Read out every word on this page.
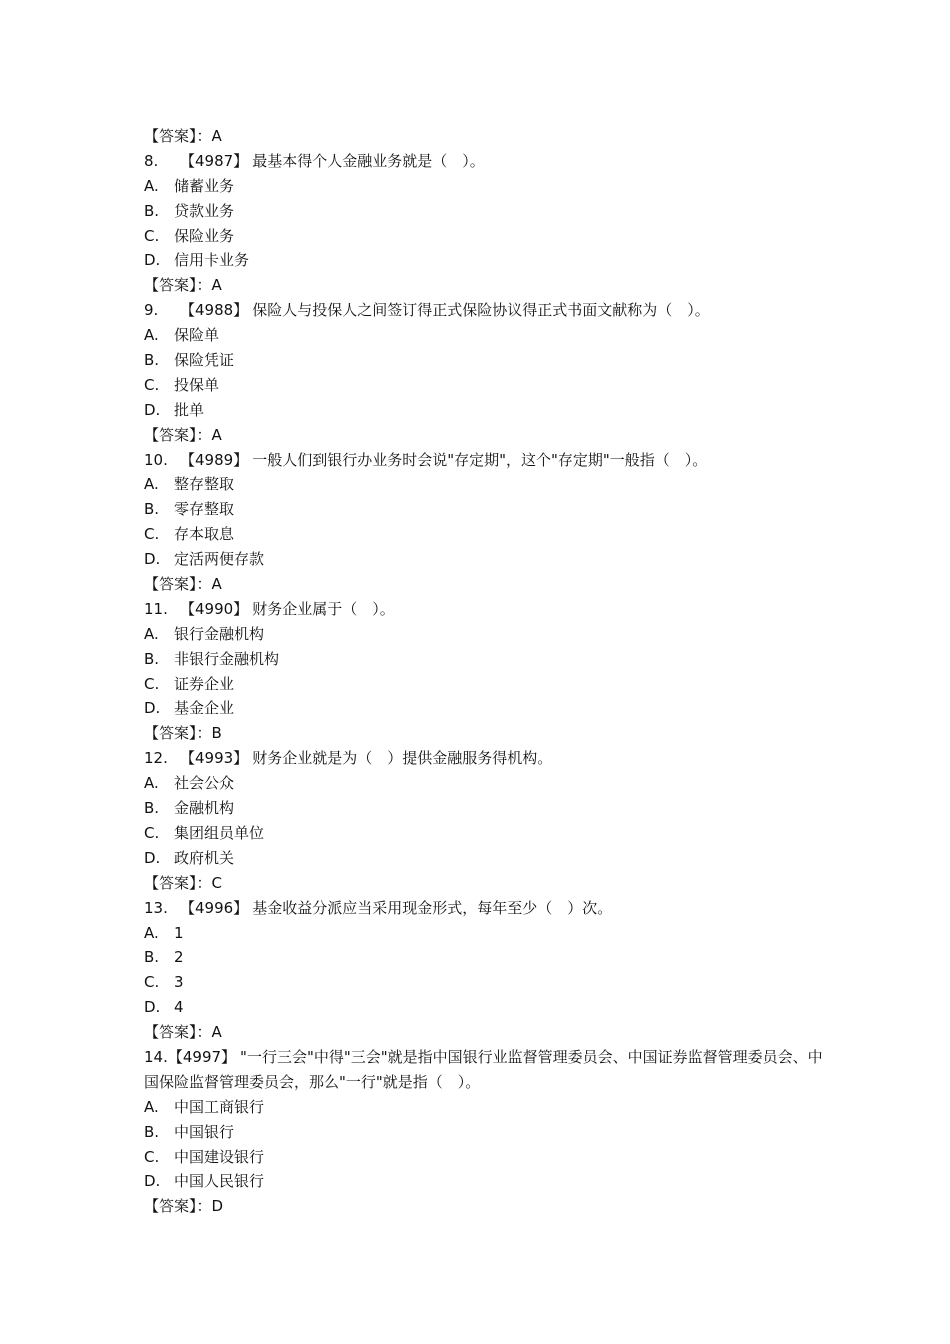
【答案】：A
8. 【4987】 最基本得个人金融业务就是（　）。
A. 储蓄业务
B. 贷款业务
C. 保险业务
D. 信用卡业务
【答案】：A
9. 【4988】 保险人与投保人之间签订得正式保险协议得正式书面文献称为（　）。
A. 保险单
B. 保险凭证
C. 投保单
D. 批单
【答案】：A
10. 【4989】 一般人们到银行办业务时会说"存定期"，这个"存定期"一般指（　）。
A. 整存整取
B. 零存整取
C. 存本取息
D. 定活两便存款
【答案】：A
11. 【4990】 财务企业属于（　）。
A. 银行金融机构
B. 非银行金融机构
C. 证券企业
D. 基金企业
【答案】：B
12. 【4993】 财务企业就是为（　）提供金融服务得机构。
A. 社会公众
B. 金融机构
C. 集团组员单位
D. 政府机关
【答案】：C
13. 【4996】 基金收益分派应当采用现金形式，每年至少（　）次。
A. 1
B. 2
C. 3
D. 4
【答案】：A
14.【4997】 "一行三会"中得"三会"就是指中国银行业监督管理委员会、中国证券监督管理委员会、中国保险监督管理委员会，那么"一行"就是指（　）。
A. 中国工商银行
B. 中国银行
C. 中国建设银行
D. 中国人民银行
【答案】：D
